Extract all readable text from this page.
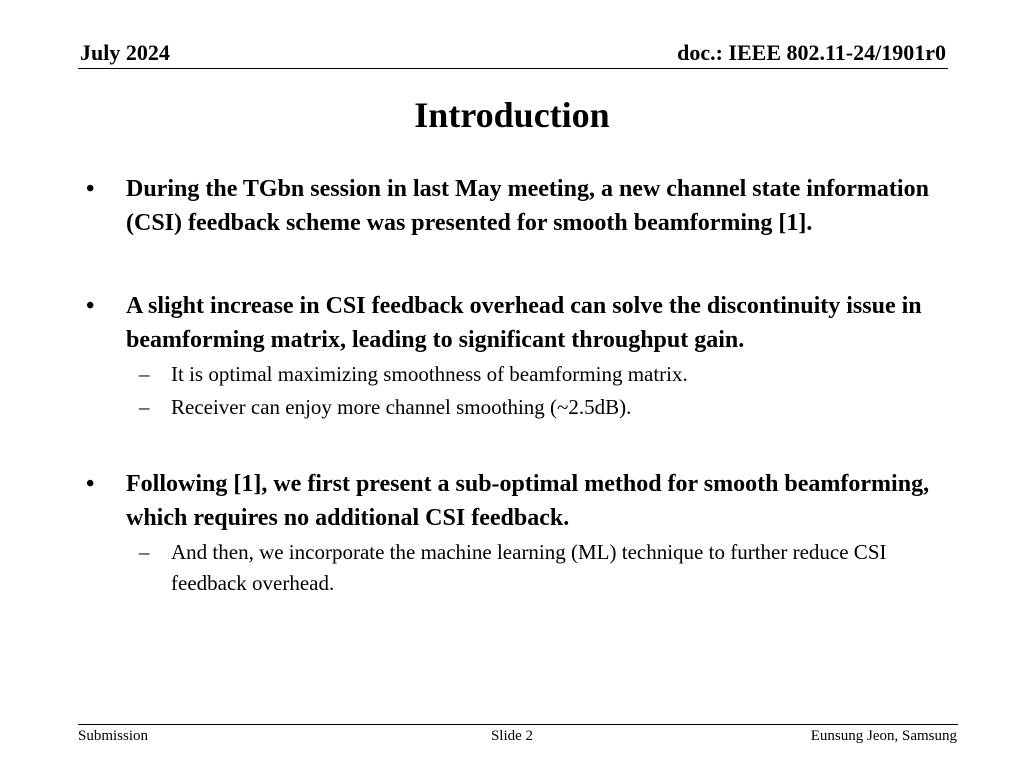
July 2024	doc.: IEEE 802.11-24/1901r0
Introduction
• During the TGbn session in last May meeting, a new channel state information (CSI) feedback scheme was presented for smooth beamforming [1].
• A slight increase in CSI feedback overhead can solve the discontinuity issue in beamforming matrix, leading to significant throughput gain.
– It is optimal maximizing smoothness of beamforming matrix.
– Receiver can enjoy more channel smoothing (~2.5dB).
• Following [1], we first present a sub-optimal method for smooth beamforming, which requires no additional CSI feedback.
– And then, we incorporate the machine learning (ML) technique to further reduce CSI feedback overhead.
Submission	Slide 2	Eunsung Jeon, Samsung
